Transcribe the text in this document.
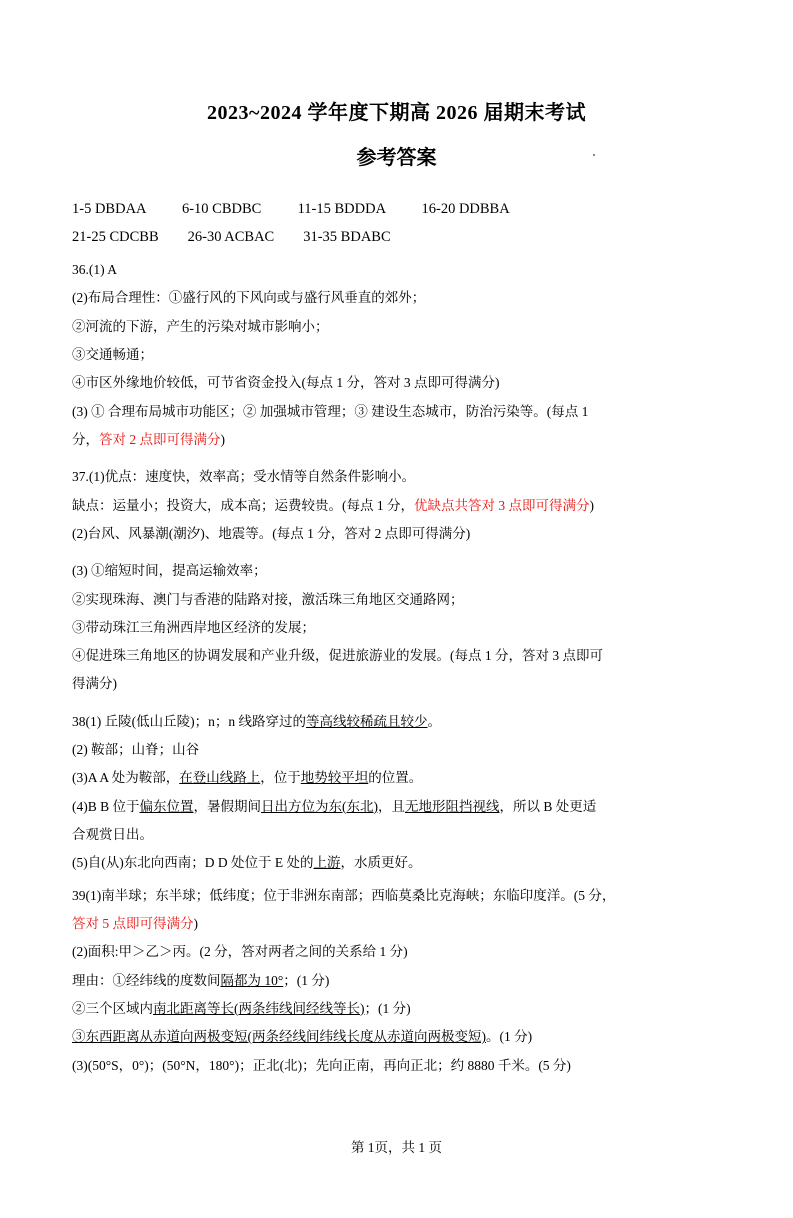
2023~2024 学年度下期高 2026 届期末考试
参考答案
1-5 DBDAA          6-10 CBDBC          11-15 BDDDA          16-20 DDBBA
21-25 CDCBB        26-30 ACBAC        31-35 BDABC

36.(1) A

(2)布局合理性：①盛行风的下风向或与盛行风垂直的郊外；

②河流的下游，产生的污染对城市影响小；

③交通畅通；

④市区外缘地价较低，可节省资金投入(每点 1 分，答对 3 点即可得满分)

(3) ① 合理布局城市功能区；② 加强城市管理；③ 建设生态城市，防治污染等。(每点 1

分，答对 2 点即可得满分)

37.(1)优点：速度快，效率高；受水情等自然条件影响小。

缺点：运量小；投资大，成本高；运费较贵。(每点 1 分，优缺点共答对 3 点即可得满分)

(2)台风、风暴潮(潮汐)、地震等。(每点 1 分，答对 2 点即可得满分)

(3) ①缩短时间，提高运输效率；

②实现珠海、澳门与香港的陆路对接，激活珠三角地区交通路网；

③带动珠江三角洲西岸地区经济的发展；

④促进珠三角地区的协调发展和产业升级，促进旅游业的发展。(每点 1 分，答对 3 点即可

得满分)

38(1) 丘陵(低山丘陵)；n；n 线路穿过的等高线较稀疏且较少。

(2) 鞍部；山脊；山谷

(3)A A 处为鞍部，在登山线路上，位于地势较平坦的位置。

(4)B B 位于偏东位置，暑假期间日出方位为东(东北)，且无地形阻挡视线，所以 B 处更适

合观赏日出。

(5)自(从)东北向西南；D D 处位于 E 处的上游，水质更好。

39(1)南半球；东半球；低纬度；位于非洲东南部；西临莫桑比克海峡；东临印度洋。(5 分，

答对 5 点即可得满分)

(2)面积:甲＞乙＞丙。(2 分，答对两者之间的关系给 1 分)

理由：①经纬线的度数间隔都为 10°；(1 分)

②三个区域内南北距离等长(两条纬线间经线等长)；(1 分)

③东西距离从赤道向两极变短(两条经线间纬线长度从赤道向两极变短)。(1 分)

(3)(50°S，0°)；(50°N，180°)；正北(北)；先向正南，再向正北；约 8880 千米。(5 分)

第 1页，共 1 页
